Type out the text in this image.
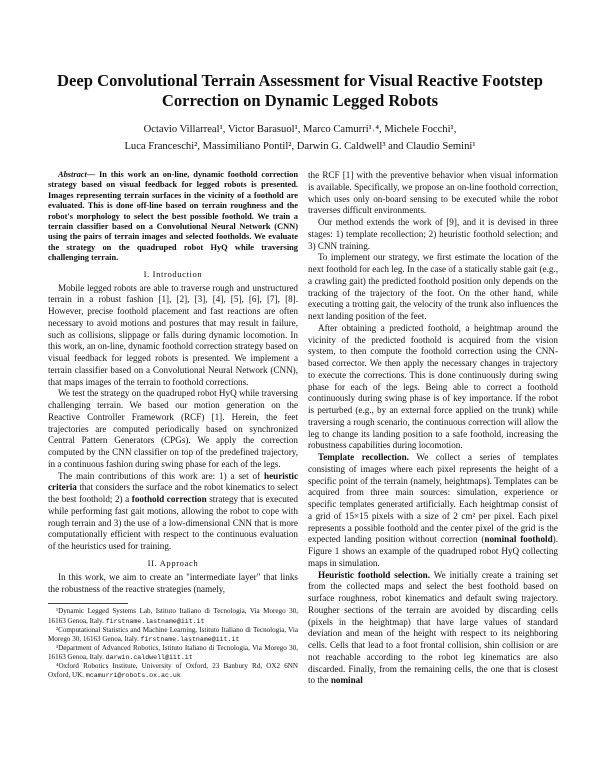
Deep Convolutional Terrain Assessment for Visual Reactive Footstep Correction on Dynamic Legged Robots
Octavio Villarreal¹, Victor Barasuol¹, Marco Camurri¹˒⁴, Michele Focchi¹,
Luca Franceschi², Massimiliano Pontil², Darwin G. Caldwell³ and Claudio Semini¹

Abstract— In this work an on-line, dynamic foothold correction strategy based on visual feedback for legged robots is presented. Images representing terrain surfaces in the vicinity of a foothold are evaluated. This is done off-line based on terrain roughness and the robot's morphology to select the best possible foothold. We train a terrain classifier based on a Convolutional Neural Network (CNN) using the pairs of terrain images and selected footholds. We evaluate the strategy on the quadruped robot HyQ while traversing challenging terrain.

I. Introduction

Mobile legged robots are able to traverse rough and unstructured terrain in a robust fashion [1], [2], [3], [4], [5], [6], [7], [8]. However, precise foothold placement and fast reactions are often necessary to avoid motions and postures that may result in failure, such as collisions, slippage or falls during dynamic locomotion. In this work, an on-line, dynamic foothold correction strategy based on visual feedback for legged robots is presented. We implement a terrain classifier based on a Convolutional Neural Network (CNN), that maps images of the terrain to foothold corrections.

We test the strategy on the quadruped robot HyQ while traversing challenging terrain. We based our motion generation on the Reactive Controller Framework (RCF) [1]. Herein, the feet trajectories are computed periodically based on synchronized Central Pattern Generators (CPGs). We apply the correction computed by the CNN classifier on top of the predefined trajectory, in a continuous fashion during swing phase for each of the legs.

The main contributions of this work are: 1) a set of heuristic criteria that considers the surface and the robot kinematics to select the best foothold; 2) a foothold correction strategy that is executed while performing fast gait motions, allowing the robot to cope with rough terrain and 3) the use of a low-dimensional CNN that is more computationally efficient with respect to the continuous evaluation of the heuristics used for training.

II. Approach

In this work, we aim to create an "intermediate layer" that links the robustness of the reactive strategies (namely,

¹Dynamic Legged Systems Lab, Istituto Italiano di Tecnologia, Via Morego 30, 16163 Genoa, Italy. firstname.lastname@iit.it
²Computational Statistics and Machine Learning, Istituto Italiano di Tecnologia, Via Morego 30, 16163 Genoa, Italy. firstname.lastname@iit.it
³Department of Advanced Robotics, Istituto Italiano di Tecnologia, Via Morego 30, 16163 Genoa, Italy. darwin.caldwell@iit.it
⁴Oxford Robotics Institute, University of Oxford, 23 Banbury Rd, OX2 6NN Oxford, UK. mcamurri@robots.ox.ac.uk

the RCF [1] with the preventive behavior when visual information is available. Specifically, we propose an on-line foothold correction, which uses only on-board sensing to be executed while the robot traverses difficult environments.

Our method extends the work of [9], and it is devised in three stages: 1) template recollection; 2) heuristic foothold selection; and 3) CNN training.

To implement our strategy, we first estimate the location of the next foothold for each leg. In the case of a statically stable gait (e.g., a crawling gait) the predicted foothold position only depends on the tracking of the trajectory of the foot. On the other hand, while executing a trotting gait, the velocity of the trunk also influences the next landing position of the feet.

After obtaining a predicted foothold, a heightmap around the vicinity of the predicted foothold is acquired from the vision system, to then compute the foothold correction using the CNN-based corrector. We then apply the necessary changes in trajectory to execute the corrections. This is done continuously during swing phase for each of the legs. Being able to correct a foothold continuously during swing phase is of key importance. If the robot is perturbed (e.g., by an external force applied on the trunk) while traversing a rough scenario, the continuous correction will allow the leg to change its landing position to a safe foothold, increasing the robustness capabilities during locomotion.

Template recollection. We collect a series of templates consisting of images where each pixel represents the height of a specific point of the terrain (namely, heightmaps). Templates can be acquired from three main sources: simulation, experience or specific templates generated artificially. Each heightmap consist of a grid of 15×15 pixels with a size of 2 cm² per pixel. Each pixel represents a possible foothold and the center pixel of the grid is the expected landing position without correction (nominal foothold). Figure 1 shows an example of the quadruped robot HyQ collecting maps in simulation.

Heuristic foothold selection. We initially create a training set from the collected maps and select the best foothold based on surface roughness, robot kinematics and default swing trajectory. Rougher sections of the terrain are avoided by discarding cells (pixels in the heightmap) that have large values of standard deviation and mean of the height with respect to its neighboring cells. Cells that lead to a foot frontal collision, shin collision or are not reachable according to the robot leg kinematics are also discarded. Finally, from the remaining cells, the one that is closest to the nominal
